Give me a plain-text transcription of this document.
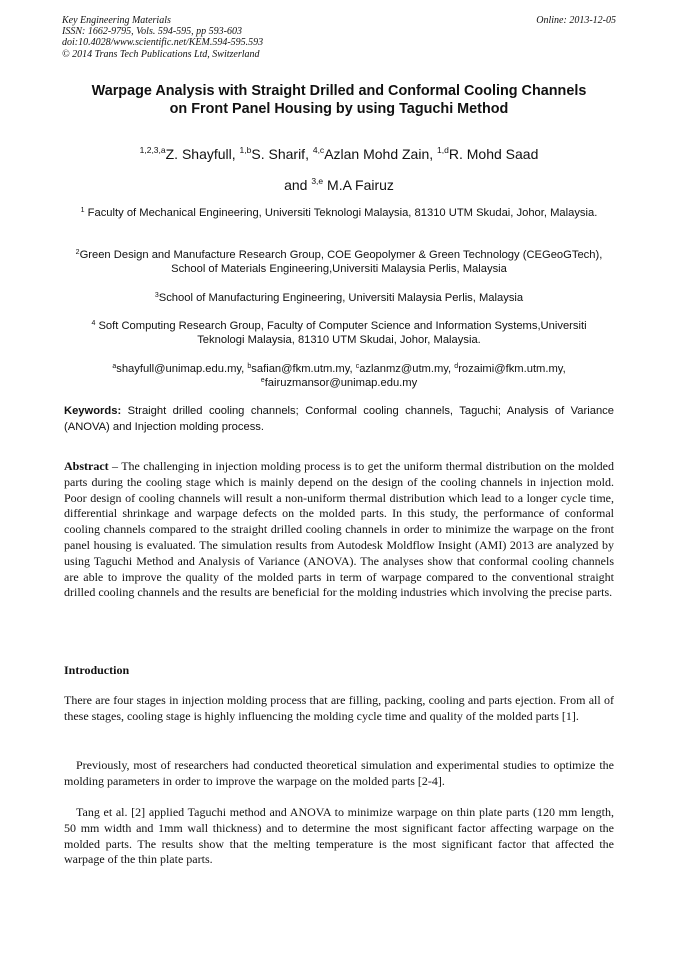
Key Engineering Materials
ISSN: 1662-9795, Vols. 594-595, pp 593-603
doi:10.4028/www.scientific.net/KEM.594-595.593
© 2014 Trans Tech Publications Ltd, Switzerland
Online: 2013-12-05
Warpage Analysis with Straight Drilled and Conformal Cooling Channels
on Front Panel Housing by using Taguchi Method
$^{1,2,3,a}$Z. Shayfull, $^{1,b}$S. Sharif, $^{4,c}$Azlan Mohd Zain, $^{1,d}$R. Mohd Saad
and $^{3,e}$ M.A Fairuz
$^1$ Faculty of Mechanical Engineering, Universiti Teknologi Malaysia, 81310 UTM Skudai, Johor, Malaysia.
$^2$Green Design and Manufacture Research Group, COE Geopolymer & Green Technology (CEGeoGTech), School of Materials Engineering,Universiti Malaysia Perlis, Malaysia
$^3$School of Manufacturing Engineering, Universiti Malaysia Perlis, Malaysia
$^4$ Soft Computing Research Group, Faculty of Computer Science and Information Systems,Universiti Teknologi Malaysia, 81310 UTM Skudai, Johor, Malaysia.
$^a$shayfull@unimap.edu.my, $^b$safian@fkm.utm.my, $^c$azlanmz@utm.my, $^d$rozaimi@fkm.utm.my,
$^e$fairuzmansor@unimap.edu.my
Keywords: Straight drilled cooling channels; Conformal cooling channels, Taguchi; Analysis of Variance (ANOVA) and Injection molding process.
Abstract – The challenging in injection molding process is to get the uniform thermal distribution on the molded parts during the cooling stage which is mainly depend on the design of the cooling channels in injection mold. Poor design of cooling channels will result a non-uniform thermal distribution which lead to a longer cycle time, differential shrinkage and warpage defects on the molded parts. In this study, the performance of conformal cooling channels compared to the straight drilled cooling channels in order to minimize the warpage on the front panel housing is evaluated. The simulation results from Autodesk Moldflow Insight (AMI) 2013 are analyzed by using Taguchi Method and Analysis of Variance (ANOVA). The analyses show that conformal cooling channels are able to improve the quality of the molded parts in term of warpage compared to the conventional straight drilled cooling channels and the results are beneficial for the molding industries which involving the precise parts.
Introduction
There are four stages in injection molding process that are filling, packing, cooling and parts ejection. From all of these stages, cooling stage is highly influencing the molding cycle time and quality of the molded parts [1].
Previously, most of researchers had conducted theoretical simulation and experimental studies to optimize the molding parameters in order to improve the warpage on the molded parts [2-4].
Tang et al. [2] applied Taguchi method and ANOVA to minimize warpage on thin plate parts (120 mm length, 50 mm width and 1mm wall thickness) and to determine the most significant factor affecting warpage on the molded parts. The results show that the melting temperature is the most significant factor that affected the warpage of the thin plate parts.
